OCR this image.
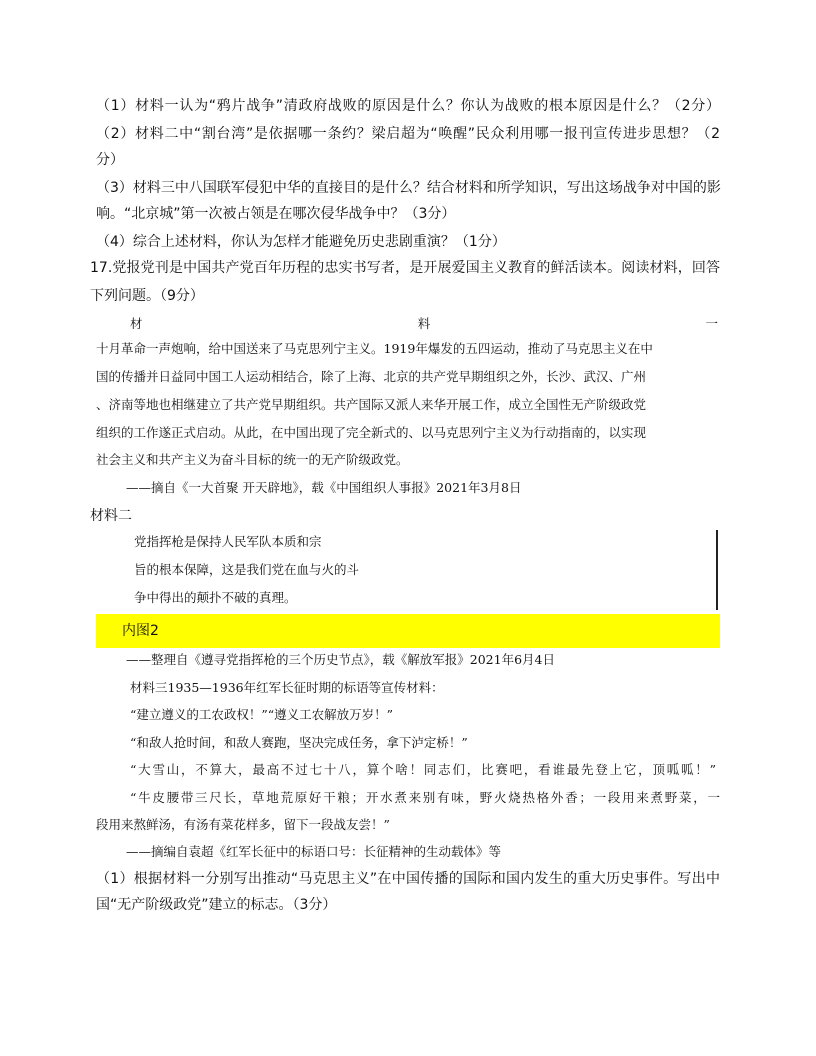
（1）材料一认为“鸦片战争”清政府战败的原因是什么？你认为战败的根本原因是什么？（2分）
（2）材料二中“割台湾”是依据哪一条约？梁启超为“唤醒”民众利用哪一报刊宣传进步思想？（2
分）
（3）材料三中八国联军侵犯中华的直接目的是什么？结合材料和所学知识，写出这场战争对中国的影
响。“北京城”第一次被占领是在哪次侵华战争中？（3分）
（4）综合上述材料，你认为怎样才能避免历史悲剧重演？（1分）
17.党报党刊是中国共产党百年历程的忠实书写者，是开展爱国主义教育的鲜活读本。阅读材料，回答
下列问题。（9分）
材	料	一
十月革命一声炮响，给中国送来了马克思列宁主义。1919年爆发的五四运动，推动了马克思主义在中
国的传播并日益同中国工人运动相结合，除了上海、北京的共产党早期组织之外，长沙、武汉、广州
、济南等地也相继建立了共产党早期组织。共产国际又派人来华开展工作，成立全国性无产阶级政党
组织的工作遂正式启动。从此，在中国出现了完全新式的、以马克思列宁主义为行动指南的，以实现
社会主义和共产主义为奋斗目标的统一的无产阶级政党。
——摘自《一大首聚 开天辟地》，载《中国组织人事报》2021年3月8日
材料二
党指挥枪是保持人民军队本质和宗
旨的根本保障，这是我们党在血与火的斗
争中得出的颠扑不破的真理。
内图2
——整理自《遵寻党指挥枪的三个历史节点》，载《解放军报》2021年6月4日
材料三1935—1936年红军长征时期的标语等宣传材料：
“建立遵义的工农政权！”“遵义工农解放万岁！”
“和敌人抢时间，和敌人赛跑，坚决完成任务，拿下泸定桥！”
“大雪山，不算大，最高不过七十八，算个啥！同志们，比赛吧，看谁最先登上它，顶呱呱！”
“牛皮腰带三尺长，草地荒原好干粮；开水煮来别有味，野火烧热格外香；一段用来煮野菜，一
段用来熬鲜汤，有汤有菜花样多，留下一段战友尝！”
——摘编自袁超《红军长征中的标语口号：长征精神的生动载体》等
（1）根据材料一分别写出推动“马克思主义”在中国传播的国际和国内发生的重大历史事件。写出中
国“无产阶级政党”建立的标志。（3分）
